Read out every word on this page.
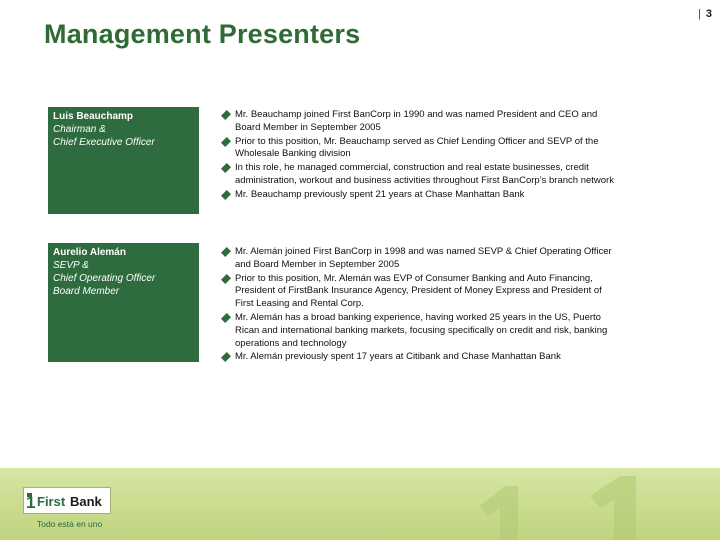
Management Presenters
| 3
Luis Beauchamp
Chairman &
Chief Executive Officer
Mr. Beauchamp joined First BanCorp in 1990 and was named President and CEO and Board Member in September 2005
Prior to this position, Mr. Beauchamp served as Chief Lending Officer and SEVP of the Wholesale Banking division
In this role, he managed commercial, construction and real estate businesses, credit administration, workout and business activities throughout First BanCorp’s branch network
Mr. Beauchamp previously spent 21 years at Chase Manhattan Bank
Aurelio Alemán
SEVP &
Chief Operating Officer
Board Member
Mr. Alemán joined First BanCorp in 1998 and was named SEVP & Chief Operating Officer and Board Member in September 2005
Prior to this position, Mr. Alemán was EVP of Consumer Banking and Auto Financing, President of FirstBank Insurance Agency, President of Money Express and President of First Leasing and Rental Corp.
Mr. Alemán has a broad banking experience, having worked 25 years in the US, Puerto Rican and international banking markets, focusing specifically on credit and risk, banking operations and technology
Mr. Alemán previously spent 17 years at Citibank and Chase Manhattan Bank
1 First Bank
Todo está en uno
